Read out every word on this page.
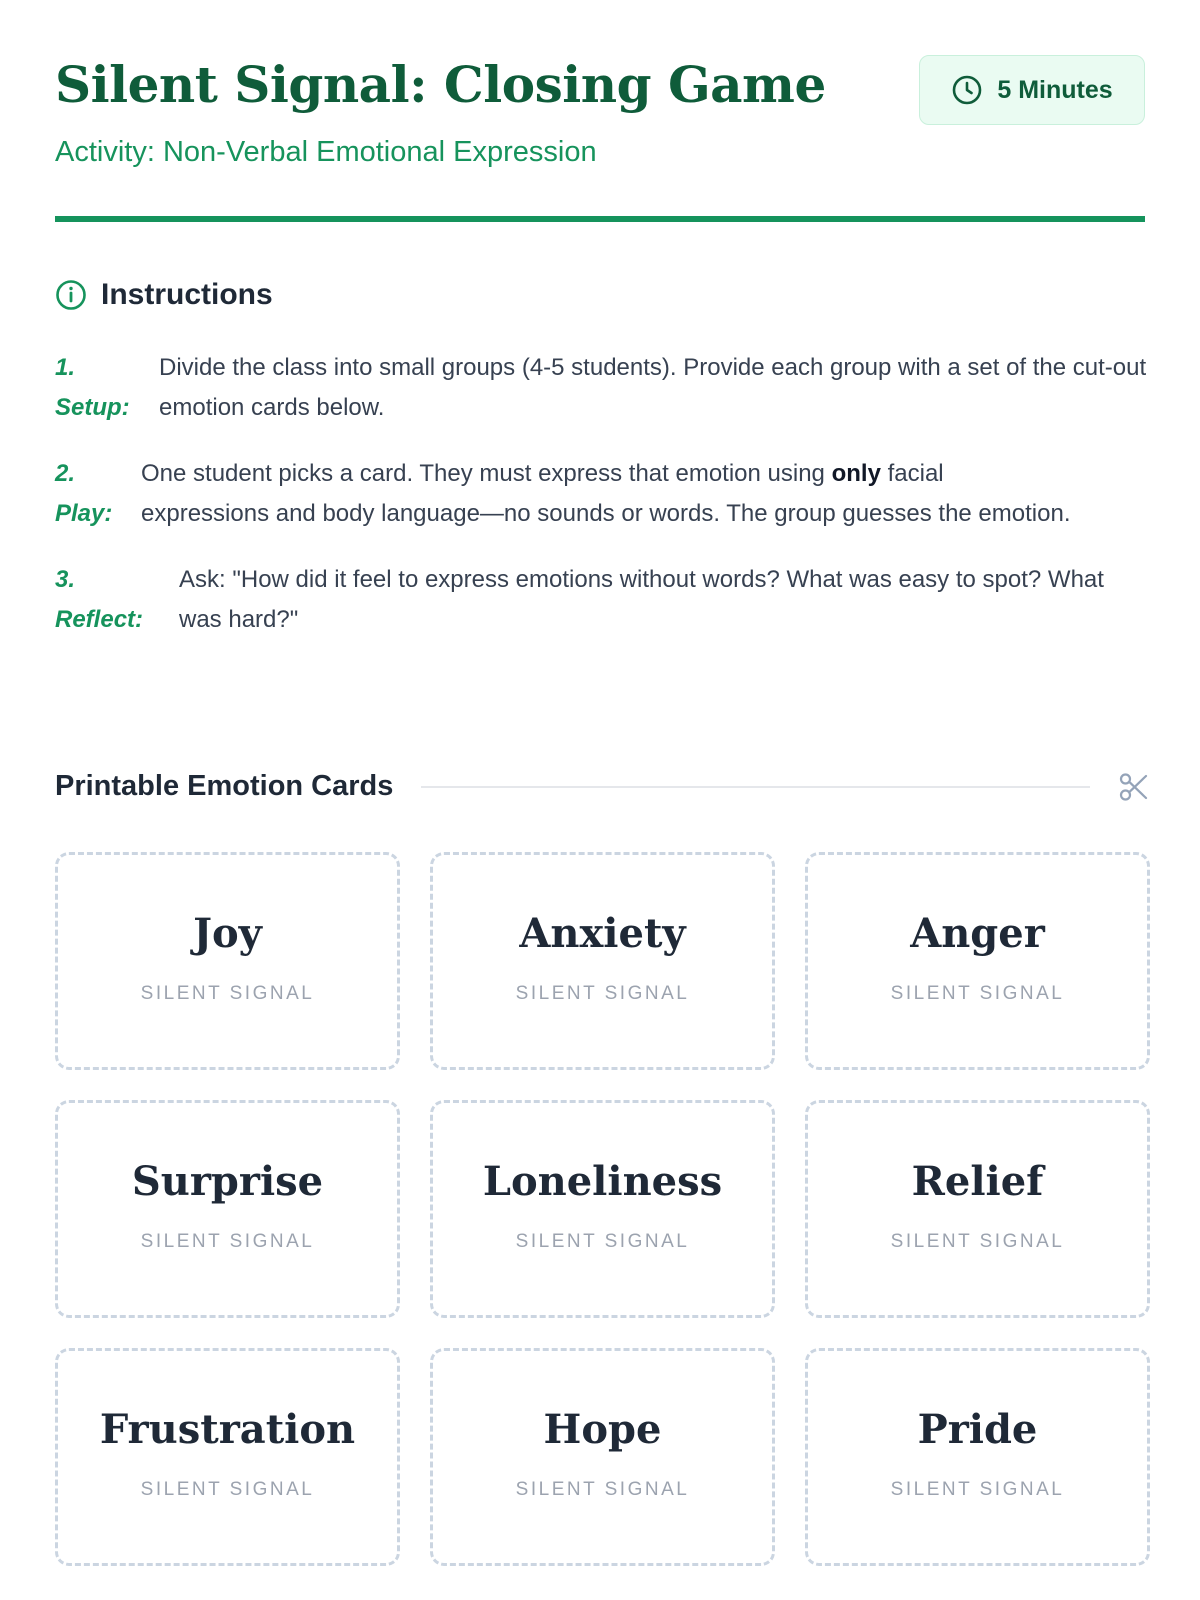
Silent Signal: Closing Game
Activity: Non-Verbal Emotional Expression
5 Minutes
Instructions
1.
Setup:
Divide the class into small groups (4-5 students). Provide each group with a set of the cut-out emotion cards below.
2.
Play:
One student picks a card. They must express that emotion using only facial expressions and body language—no sounds or words. The group guesses the emotion.
3.
Reflect:
Ask: "How did it feel to express emotions without words? What was easy to spot? What was hard?"
Printable Emotion Cards
Joy
SILENT SIGNAL
Anxiety
SILENT SIGNAL
Anger
SILENT SIGNAL
Surprise
SILENT SIGNAL
Loneliness
SILENT SIGNAL
Relief
SILENT SIGNAL
Frustration
SILENT SIGNAL
Hope
SILENT SIGNAL
Pride
SILENT SIGNAL
